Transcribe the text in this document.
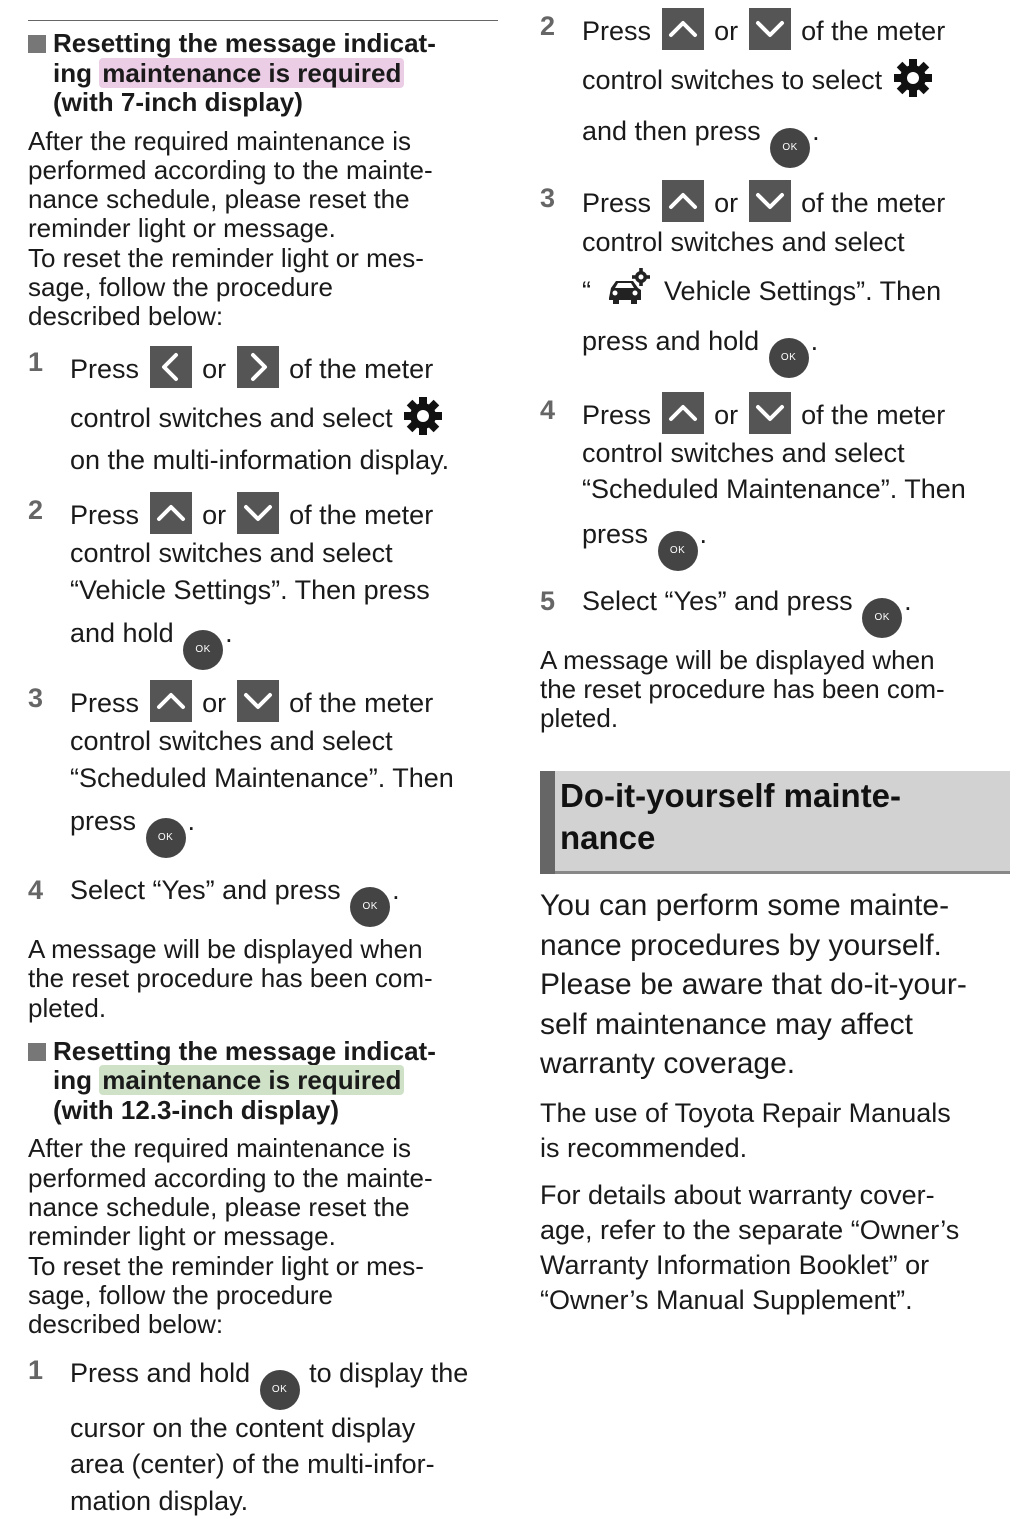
Resetting the message indicat-
ing maintenance is required
(with 7-inch display)
After the required maintenance is
performed according to the mainte-
nance schedule, please reset the
reminder light or message.
To reset the reminder light or mes-
sage, follow the procedure
described below:
1 Press or of the meter
control switches and select
on the multi-information display.
2 Press or of the meter
control switches and select
“Vehicle Settings”. Then press
and hold OK.
3 Press or of the meter
control switches and select
“Scheduled Maintenance”. Then
press OK.
4 Select “Yes” and press OK.
A message will be displayed when
the reset procedure has been com-
pleted.
Resetting the message indicat-
ing maintenance is required
(with 12.3-inch display)
After the required maintenance is
performed according to the mainte-
nance schedule, please reset the
reminder light or message.
To reset the reminder light or mes-
sage, follow the procedure
described below:
1 Press and hold OK to display the
cursor on the content display
area (center) of the multi-infor-
mation display.
2 Press or of the meter
control switches to select
and then press OK.
3 Press or of the meter
control switches and select
“	Vehicle Settings”. Then
press and hold OK.
4 Press or of the meter
control switches and select
“Scheduled Maintenance”. Then
press OK.
5 Select “Yes” and press OK.
A message will be displayed when
the reset procedure has been com-
pleted.
Do-it-yourself mainte-
nance
You can perform some mainte-
nance procedures by yourself.
Please be aware that do-it-your-
self maintenance may affect
warranty coverage.
The use of Toyota Repair Manuals
is recommended.
For details about warranty cover-
age, refer to the separate “Owner’s
Warranty Information Booklet” or
“Owner’s Manual Supplement”.
